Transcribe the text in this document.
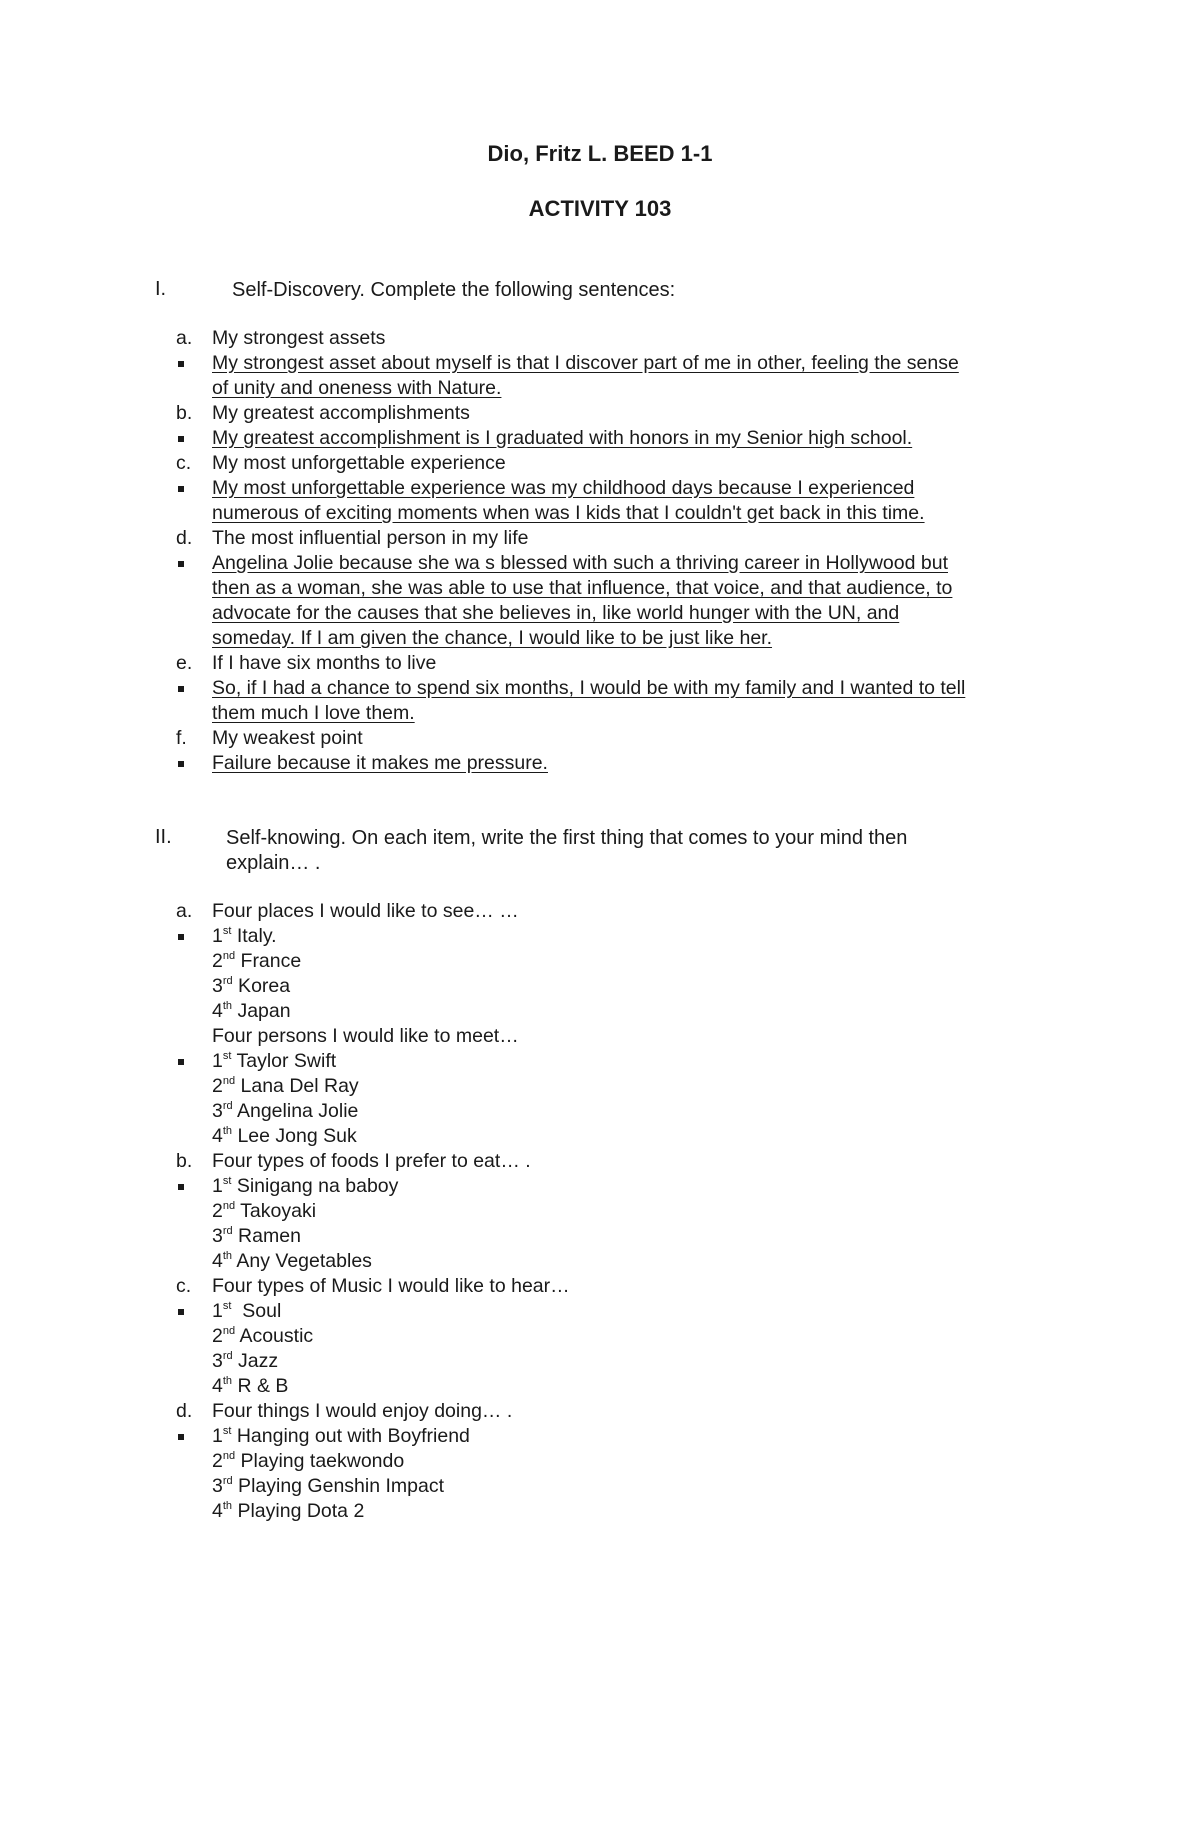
Dio, Fritz L. BEED 1-1
ACTIVITY 103
I.	Self-Discovery. Complete the following sentences:
a. My strongest assets
My strongest asset about myself is that I discover part of me in other, feeling the sense
of unity and oneness with Nature.
b. My greatest accomplishments
My greatest accomplishment is I graduated with honors in my Senior high school.
c. My most unforgettable experience
My most unforgettable experience was my childhood days because I experienced
numerous of exciting moments when was I kids that I couldn't get back in this time.
d. The most influential person in my life
Angelina Jolie because she wa s blessed with such a thriving career in Hollywood but
then as a woman, she was able to use that influence, that voice, and that audience, to
advocate for the causes that she believes in, like world hunger with the UN, and
someday. If I am given the chance, I would like to be just like her.
e. If I have six months to live
So, if I had a chance to spend six months, I would be with my family and I wanted to tell
them much I love them.
f. My weakest point
Failure because it makes me pressure.
II.	Self-knowing. On each item, write the first thing that comes to your mind then
explain… .
a. Four places I would like to see… …
1st Italy.
2nd France
3rd Korea
4th Japan
Four persons I would like to meet…
1st Taylor Swift
2nd Lana Del Ray
3rd Angelina Jolie
4th Lee Jong Suk
b. Four types of foods I prefer to eat… .
1st Sinigang na baboy
2nd Takoyaki
3rd Ramen
4th Any Vegetables
c. Four types of Music I would like to hear…
1st  Soul
2nd Acoustic
3rd Jazz
4th R & B
d. Four things I would enjoy doing… .
1st Hanging out with Boyfriend
2nd Playing taekwondo
3rd Playing Genshin Impact
4th Playing Dota 2
